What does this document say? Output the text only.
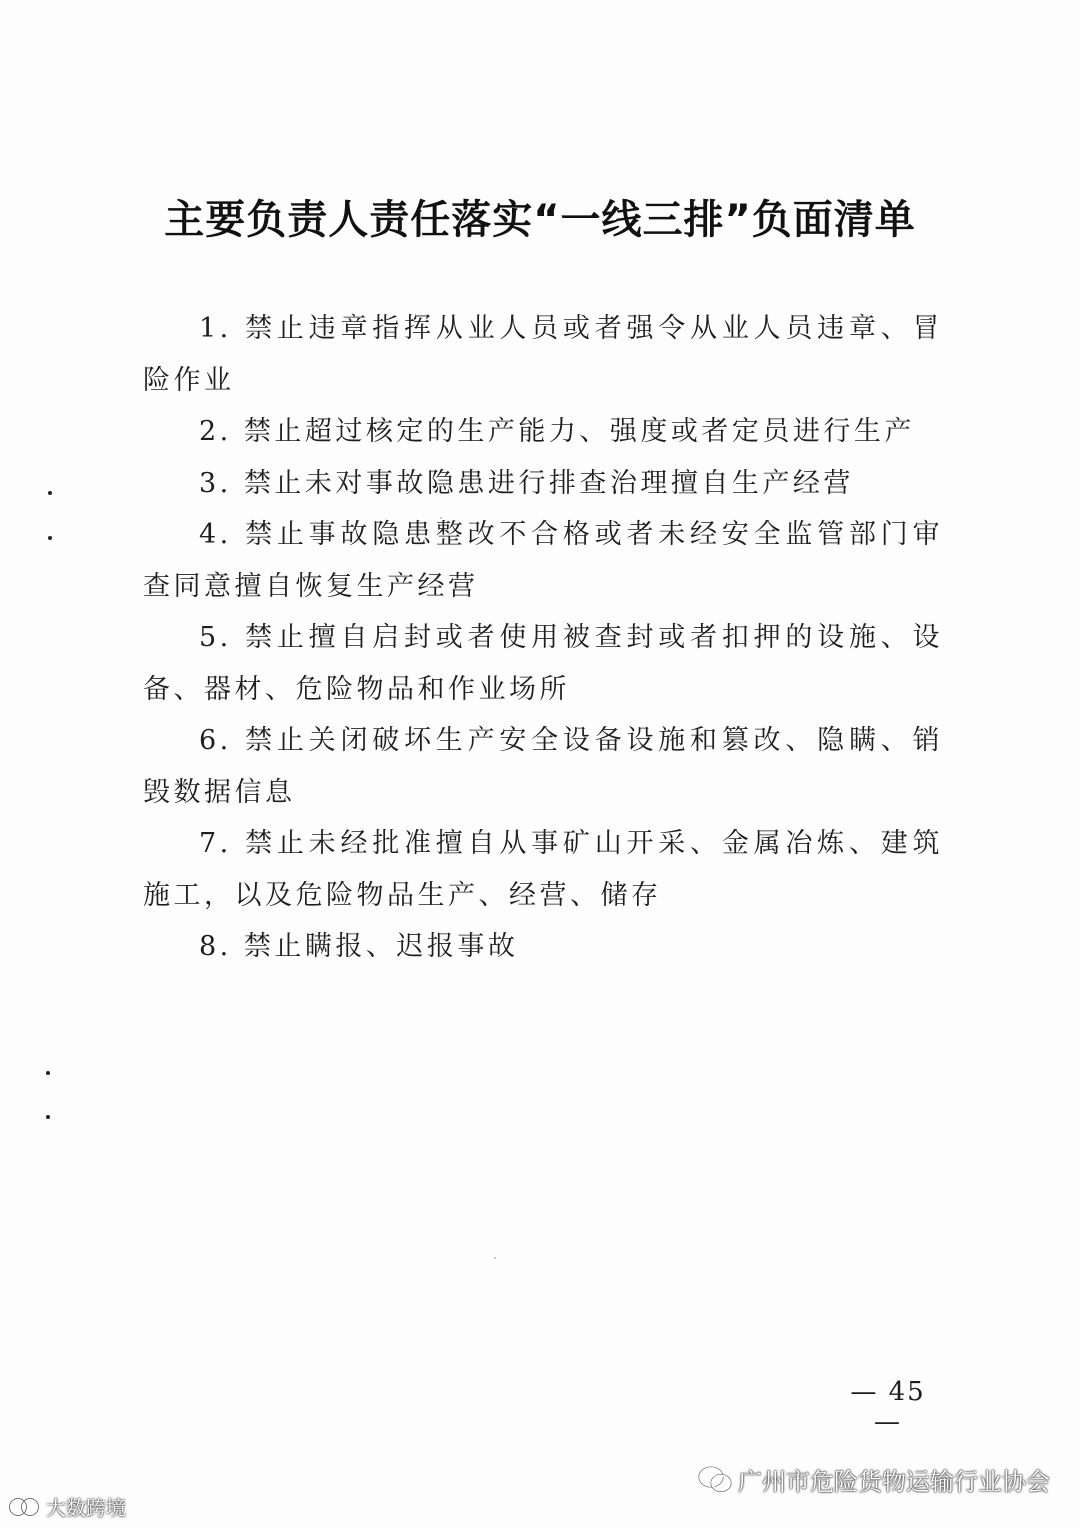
主要负责人责任落实“一线三排”负面清单

1. 禁止违章指挥从业人员或者强令从业人员违章、冒险作业

2. 禁止超过核定的生产能力、强度或者定员进行生产

3. 禁止未对事故隐患进行排查治理擅自生产经营

4. 禁止事故隐患整改不合格或者未经安全监管部门审查同意擅自恢复生产经营

5. 禁止擅自启封或者使用被查封或者扣押的设施、设备、器材、危险物品和作业场所

6. 禁止关闭破坏生产安全设备设施和篡改、隐瞒、销毁数据信息

7. 禁止未经批准擅自从事矿山开采、金属冶炼、建筑施工，以及危险物品生产、经营、储存

8. 禁止瞒报、迟报事故

— 45 —
大数跨境
广州市危险货物运输行业协会
